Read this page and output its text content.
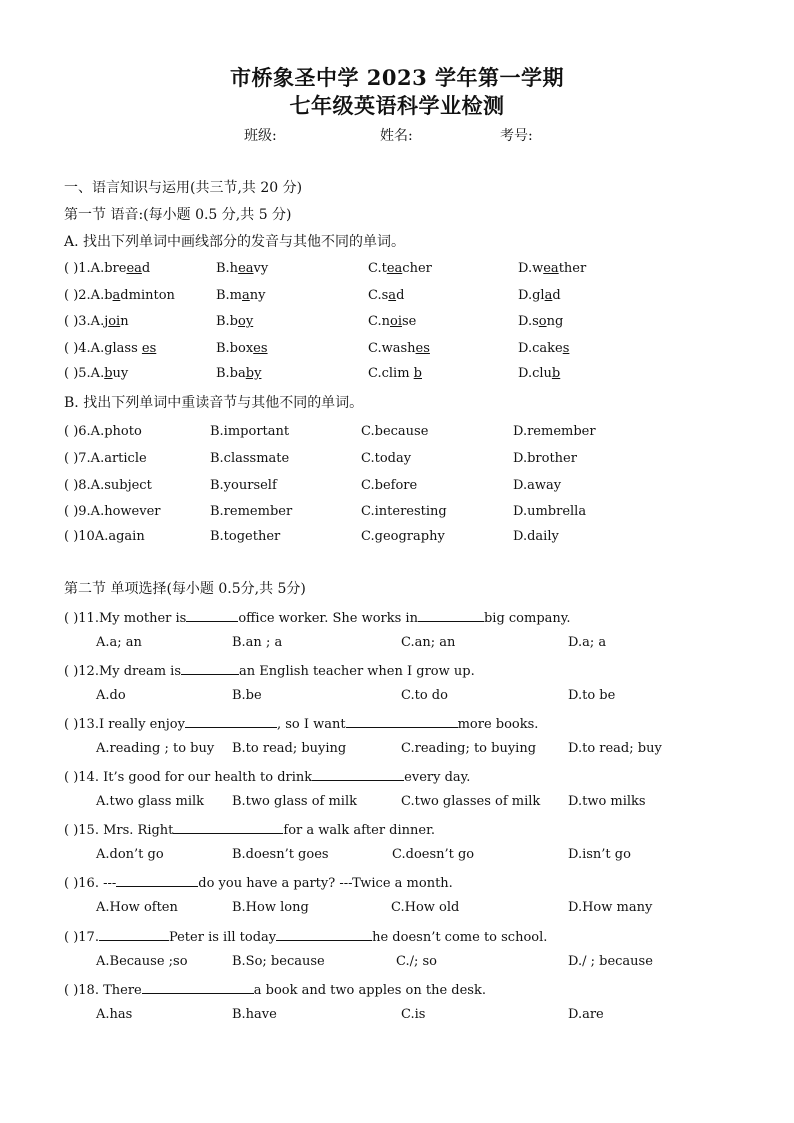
市桥象圣中学 2023 学年第一学期
七年级英语科学业检测
班级:	姓名:	考号:
一、语言知识与运用(共三节,共 20 分)
第一节 语音:(每小题 0.5 分,共 5 分)
A. 找出下列单词中画线部分的发音与其他不同的单词。
( )1.A.breead	B.heavy	C.teacher	D.weather
( )2.A.badminton	B.many	C.sad	D.glad
( )3.A.join	B.boy	C.noise	D.song
( )4.A.glass es	B.boxes	C.washes	D.cakes
( )5.A.buy	B.baby	C.clim b	D.club
B. 找出下列单词中重读音节与其他不同的单词。
( )6.A.photo	B.important	C.because	D.remember
( )7.A.article	B.classmate	C.today	D.brother
( )8.A.subject	B.yourself	C.before	D.away
( )9.A.however	B.remember	C.interesting	D.umbrella
( )10A.again	B.together	C.geography	D.daily
第二节 单项选择(每小题 0.5分,共 5分)
( )11.My mother is	office worker. She works in	big company.
A.a; an	B.an ; a	C.an; an	D.a; a
( )12.My dream is	an English teacher when I grow up.
A.do	B.be	C.to do	D.to be
( )13.I really enjoy	, so I want	more books.
A.reading ; to buy B.to read; buying	C.reading; to buying D.to read; buy
( )14. It’s good for our health to drink	every day.
A.two glass milk B.two glass of milk	C.two glasses of milk D.two milks
( )15. Mrs. Right	for a walk after dinner.
A.don’t go	B.doesn’t goes	C.doesn’t go	D.isn’t go
( )16. ---	do you have a party? ---Twice a month.
A.How often	B.How long	C.How old	D.How many
( )17.	Peter is ill today	he doesn’t come to school.
A.Because ;so	B.So; because	C./; so	D./ ; because
( )18. There	a book and two apples on the desk.
A.has	B.have	C.is	D.are
